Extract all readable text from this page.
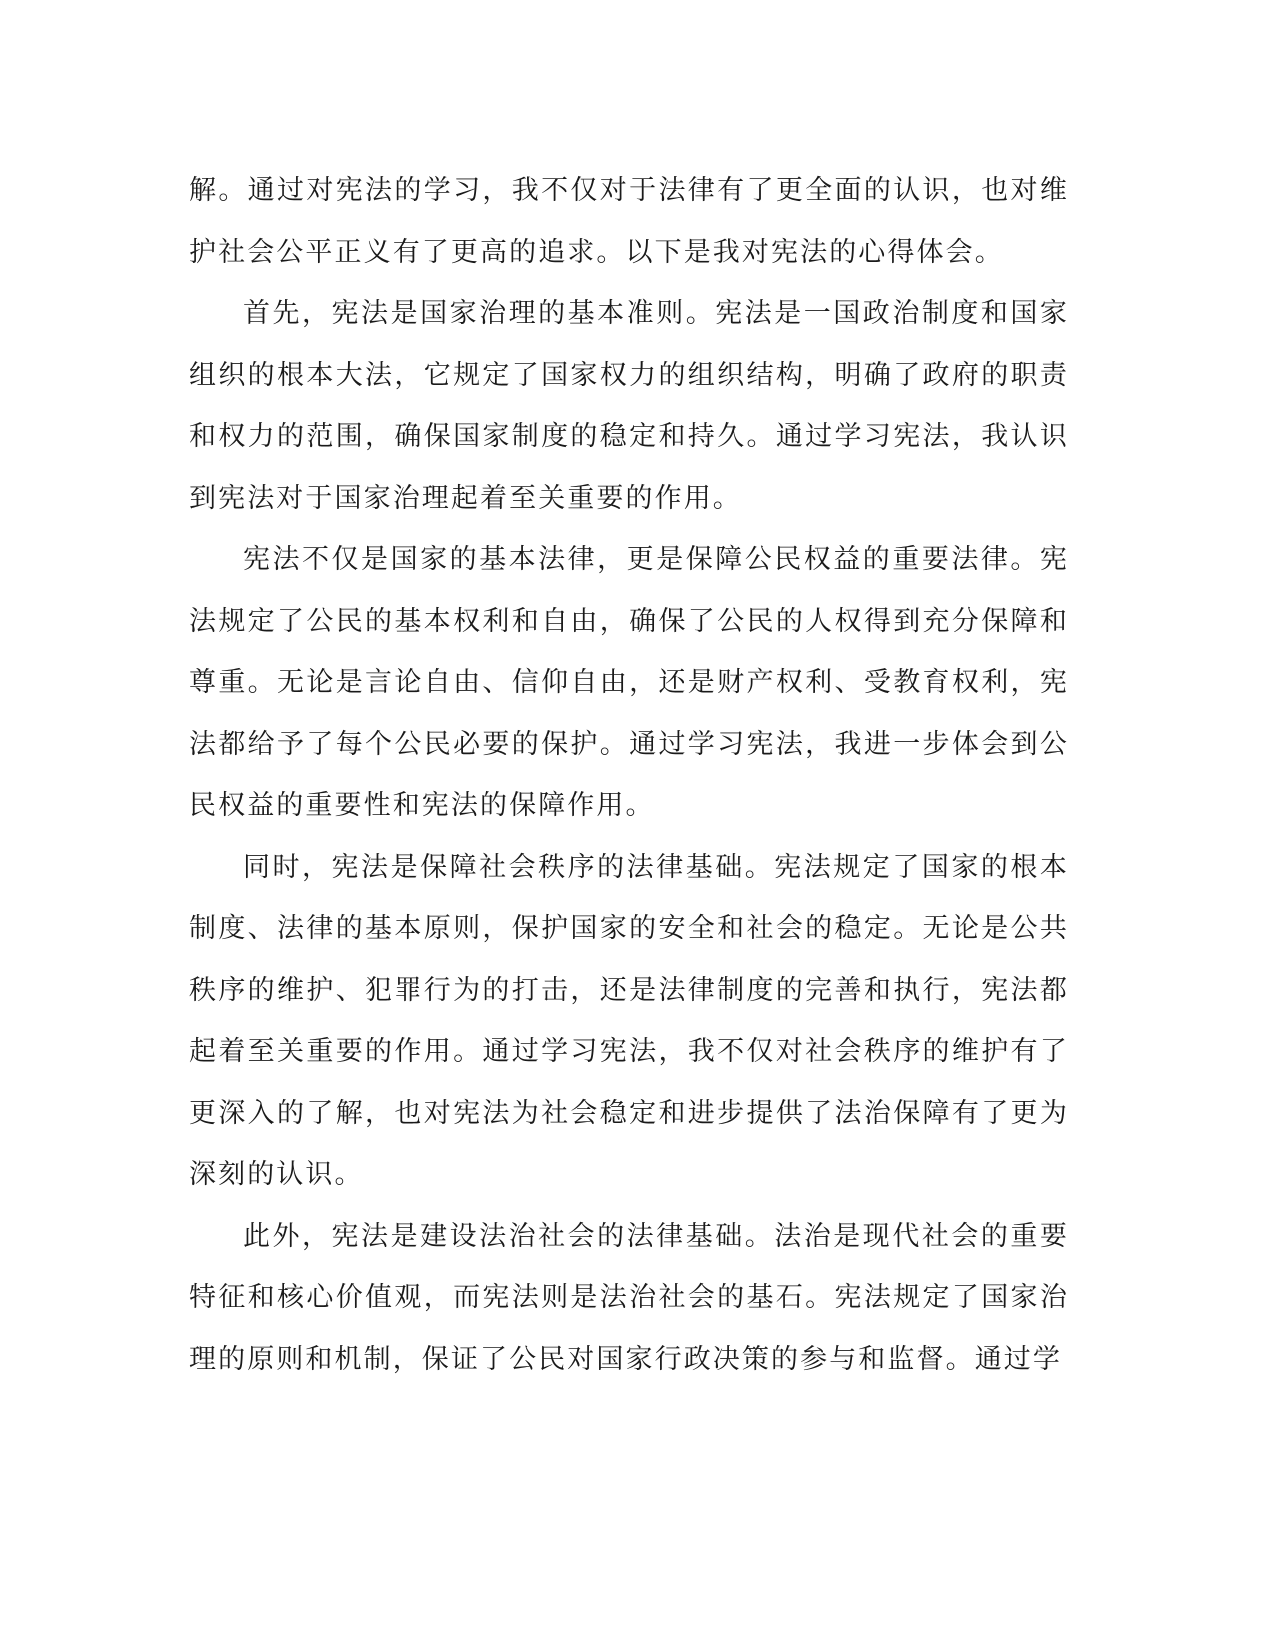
解。通过对宪法的学习，我不仅对于法律有了更全面的认识，也对维护社会公平正义有了更高的追求。以下是我对宪法的心得体会。

首先，宪法是国家治理的基本准则。宪法是一国政治制度和国家组织的根本大法，它规定了国家权力的组织结构，明确了政府的职责和权力的范围，确保国家制度的稳定和持久。通过学习宪法，我认识到宪法对于国家治理起着至关重要的作用。

宪法不仅是国家的基本法律，更是保障公民权益的重要法律。宪法规定了公民的基本权利和自由，确保了公民的人权得到充分保障和尊重。无论是言论自由、信仰自由，还是财产权利、受教育权利，宪法都给予了每个公民必要的保护。通过学习宪法，我进一步体会到公民权益的重要性和宪法的保障作用。

同时，宪法是保障社会秩序的法律基础。宪法规定了国家的根本制度、法律的基本原则，保护国家的安全和社会的稳定。无论是公共秩序的维护、犯罪行为的打击，还是法律制度的完善和执行，宪法都起着至关重要的作用。通过学习宪法，我不仅对社会秩序的维护有了更深入的了解，也对宪法为社会稳定和进步提供了法治保障有了更为深刻的认识。

此外，宪法是建设法治社会的法律基础。法治是现代社会的重要特征和核心价值观，而宪法则是法治社会的基石。宪法规定了国家治理的原则和机制，保证了公民对国家行政决策的参与和监督。通过学
